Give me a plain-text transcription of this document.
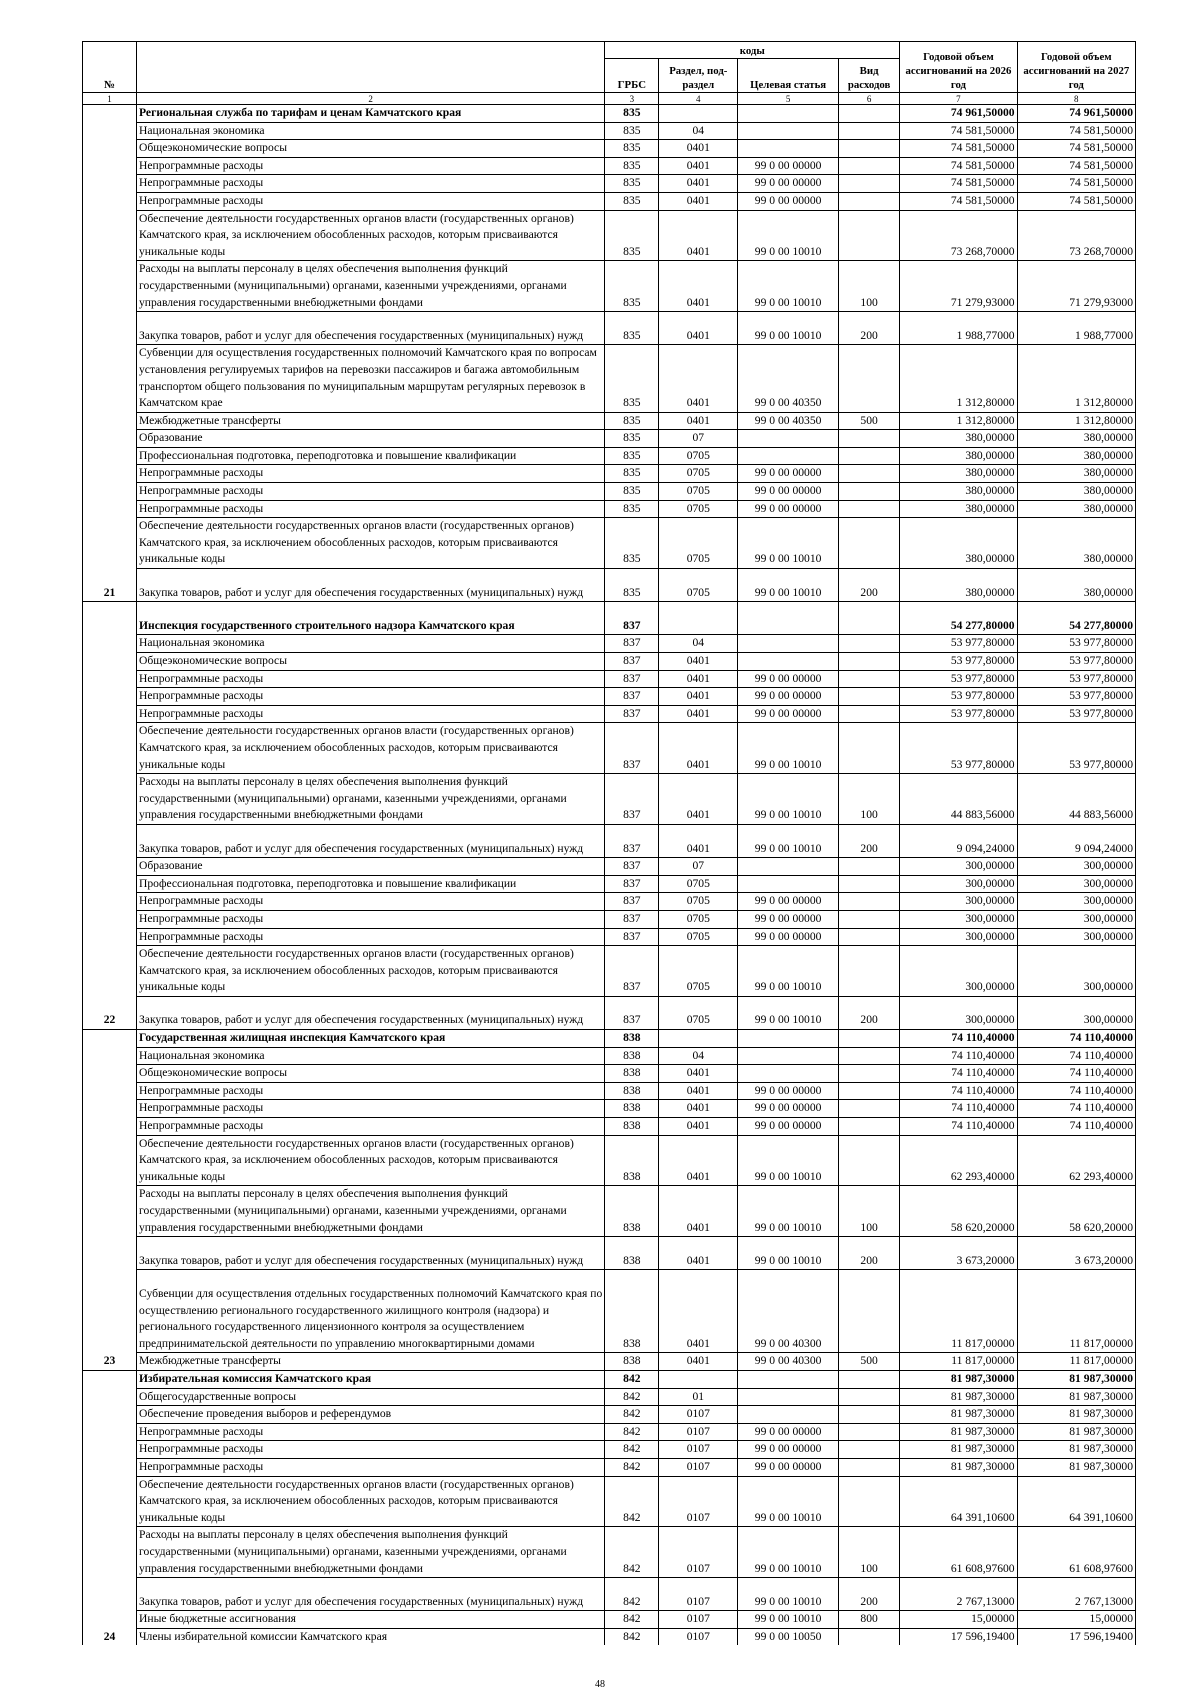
№		коды				Годовой объем ассигнований на 2026 год	Годовой объем ассигнований на 2027 год
		ГРБС	Раздел, под-раздел	Целевая статья	Вид расходов		
1	2	3	4	5	6	7	8
21	Региональная служба по тарифам и ценам Камчатского края	835				74 961,50000	74 961,50000
	Национальная экономика	835	04			74 581,50000	74 581,50000
	Общеэкономические вопросы	835	0401			74 581,50000	74 581,50000
	Непрограммные расходы	835	0401	99 0 00 00000		74 581,50000	74 581,50000
	Непрограммные расходы	835	0401	99 0 00 00000		74 581,50000	74 581,50000
	Непрограммные расходы	835	0401	99 0 00 00000		74 581,50000	74 581,50000
	Обеспечение деятельности государственных органов власти (государственных органов) Камчатского края, за исключением обособленных расходов, которым присваиваются уникальные коды	835	0401	99 0 00 10010		73 268,70000	73 268,70000
	Расходы на выплаты персоналу в целях обеспечения выполнения функций государственными (муниципальными) органами, казенными учреждениями, органами управления государственными внебюджетными фондами	835	0401	99 0 00 10010	100	71 279,93000	71 279,93000
	Закупка товаров, работ и услуг для обеспечения государственных (муниципальных) нужд	835	0401	99 0 00 10010	200	1 988,77000	1 988,77000
	Субвенции для осуществления государственных полномочий Камчатского края по вопросам установления регулируемых тарифов на перевозки пассажиров и багажа автомобильным транспортом общего пользования по муниципальным маршрутам регулярных перевозок в Камчатском крае	835	0401	99 0 00 40350		1 312,80000	1 312,80000
	Межбюджетные трансферты	835	0401	99 0 00 40350	500	1 312,80000	1 312,80000
	Образование	835	07			380,00000	380,00000
	Профессиональная подготовка, переподготовка и повышение квалификации	835	0705			380,00000	380,00000
	Непрограммные расходы	835	0705	99 0 00 00000		380,00000	380,00000
	Непрограммные расходы	835	0705	99 0 00 00000		380,00000	380,00000
	Непрограммные расходы	835	0705	99 0 00 00000		380,00000	380,00000
	Обеспечение деятельности государственных органов власти (государственных органов) Камчатского края, за исключением обособленных расходов, которым присваиваются уникальные коды	835	0705	99 0 00 10010		380,00000	380,00000
	Закупка товаров, работ и услуг для обеспечения государственных (муниципальных) нужд	835	0705	99 0 00 10010	200	380,00000	380,00000
22	Инспекция государственного строительного надзора Камчатского края	837				54 277,80000	54 277,80000
	Национальная экономика	837	04			53 977,80000	53 977,80000
	Общеэкономические вопросы	837	0401			53 977,80000	53 977,80000
	Непрограммные расходы	837	0401	99 0 00 00000		53 977,80000	53 977,80000
	Непрограммные расходы	837	0401	99 0 00 00000		53 977,80000	53 977,80000
	Непрограммные расходы	837	0401	99 0 00 00000		53 977,80000	53 977,80000
	Обеспечение деятельности государственных органов власти (государственных органов) Камчатского края, за исключением обособленных расходов, которым присваиваются уникальные коды	837	0401	99 0 00 10010		53 977,80000	53 977,80000
	Расходы на выплаты персоналу в целях обеспечения выполнения функций государственными (муниципальными) органами, казенными учреждениями, органами управления государственными внебюджетными фондами	837	0401	99 0 00 10010	100	44 883,56000	44 883,56000
	Закупка товаров, работ и услуг для обеспечения государственных (муниципальных) нужд	837	0401	99 0 00 10010	200	9 094,24000	9 094,24000
	Образование	837	07			300,00000	300,00000
	Профессиональная подготовка, переподготовка и повышение квалификации	837	0705			300,00000	300,00000
	Непрограммные расходы	837	0705	99 0 00 00000		300,00000	300,00000
	Непрограммные расходы	837	0705	99 0 00 00000		300,00000	300,00000
	Непрограммные расходы	837	0705	99 0 00 00000		300,00000	300,00000
	Обеспечение деятельности государственных органов власти (государственных органов) Камчатского края, за исключением обособленных расходов, которым присваиваются уникальные коды	837	0705	99 0 00 10010		300,00000	300,00000
	Закупка товаров, работ и услуг для обеспечения государственных (муниципальных) нужд	837	0705	99 0 00 10010	200	300,00000	300,00000
23	Государственная жилищная инспекция Камчатского края	838				74 110,40000	74 110,40000
	Национальная экономика	838	04			74 110,40000	74 110,40000
	Общеэкономические вопросы	838	0401			74 110,40000	74 110,40000
	Непрограммные расходы	838	0401	99 0 00 00000		74 110,40000	74 110,40000
	Непрограммные расходы	838	0401	99 0 00 00000		74 110,40000	74 110,40000
	Непрограммные расходы	838	0401	99 0 00 00000		74 110,40000	74 110,40000
	Обеспечение деятельности государственных органов власти (государственных органов) Камчатского края, за исключением обособленных расходов, которым присваиваются уникальные коды	838	0401	99 0 00 10010		62 293,40000	62 293,40000
	Расходы на выплаты персоналу в целях обеспечения выполнения функций государственными (муниципальными) органами, казенными учреждениями, органами управления государственными внебюджетными фондами	838	0401	99 0 00 10010	100	58 620,20000	58 620,20000
	Закупка товаров, работ и услуг для обеспечения государственных (муниципальных) нужд	838	0401	99 0 00 10010	200	3 673,20000	3 673,20000
	Субвенции для осуществления отдельных государственных полномочий Камчатского края по осуществлению регионального государственного жилищного контроля (надзора) и регионального государственного лицензионного контроля за осуществлением предпринимательской деятельности по управлению многоквартирными домами	838	0401	99 0 00 40300		11 817,00000	11 817,00000
	Межбюджетные трансферты	838	0401	99 0 00 40300	500	11 817,00000	11 817,00000
24	Избирательная комиссия Камчатского края	842				81 987,30000	81 987,30000
	Общегосударственные вопросы	842	01			81 987,30000	81 987,30000
	Обеспечение проведения выборов и референдумов	842	0107			81 987,30000	81 987,30000
	Непрограммные расходы	842	0107	99 0 00 00000		81 987,30000	81 987,30000
	Непрограммные расходы	842	0107	99 0 00 00000		81 987,30000	81 987,30000
	Непрограммные расходы	842	0107	99 0 00 00000		81 987,30000	81 987,30000
	Обеспечение деятельности государственных органов власти (государственных органов) Камчатского края, за исключением обособленных расходов, которым присваиваются уникальные коды	842	0107	99 0 00 10010		64 391,10600	64 391,10600
	Расходы на выплаты персоналу в целях обеспечения выполнения функций государственными (муниципальными) органами, казенными учреждениями, органами управления государственными внебюджетными фондами	842	0107	99 0 00 10010	100	61 608,97600	61 608,97600
	Закупка товаров, работ и услуг для обеспечения государственных (муниципальных) нужд	842	0107	99 0 00 10010	200	2 767,13000	2 767,13000
	Иные бюджетные ассигнования	842	0107	99 0 00 10010	800	15,00000	15,00000
	Члены избирательной комиссии Камчатского края	842	0107	99 0 00 10050		17 596,19400	17 596,19400
48
